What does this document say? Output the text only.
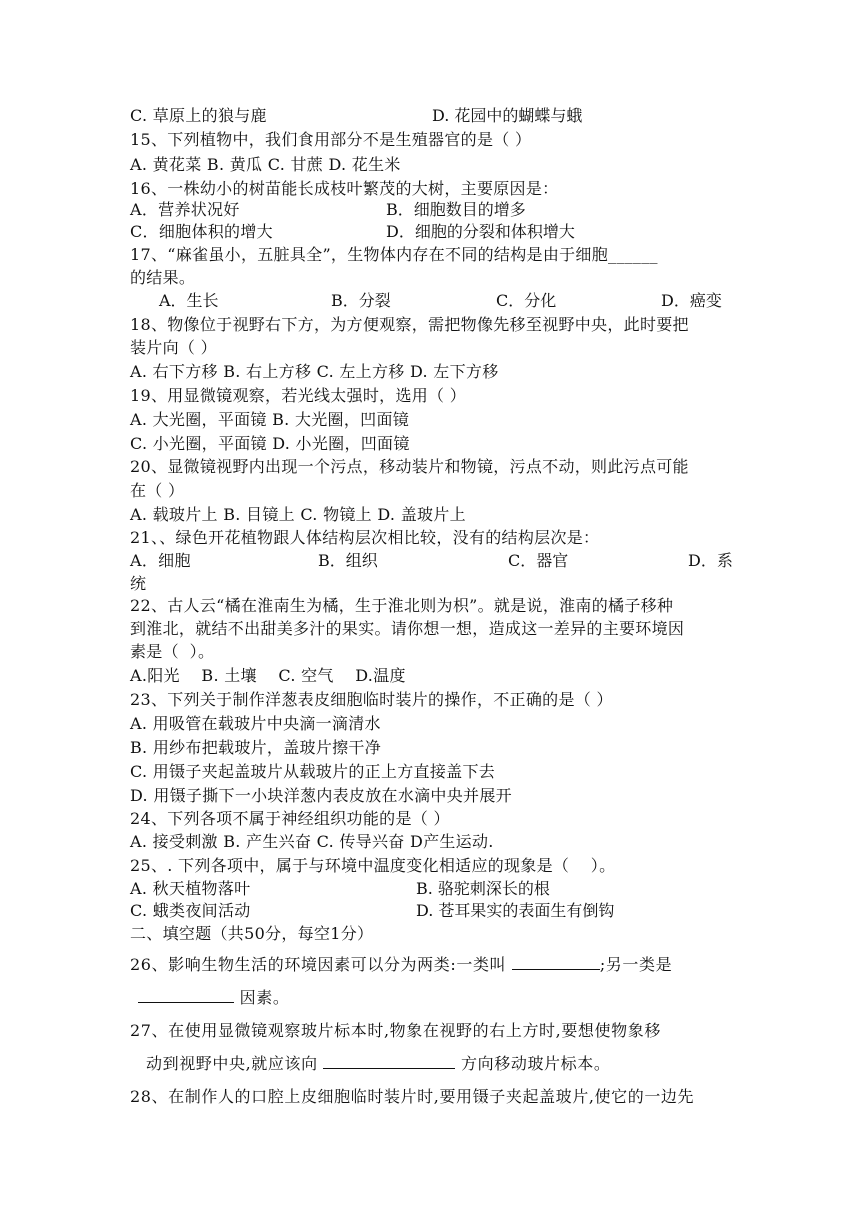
C. 草原上的狼与鹿	D. 花园中的蝴蝶与蛾
15、下列植物中，我们食用部分不是生殖器官的是（ ）
A. 黄花菜 B. 黄瓜 C. 甘蔗 D. 花生米
16、一株幼小的树苗能长成枝叶繁茂的大树，主要原因是：
A．营养状况好	B．细胞数目的增多
C．细胞体积的增大	D．细胞的分裂和体积增大
17、“麻雀虽小，五脏具全”，生物体内存在不同的结构是由于细胞______
的结果。
A．生长	B．分裂	C．分化	D．癌变
18、物像位于视野右下方，为方便观察，需把物像先移至视野中央，此时要把
装片向（ ）
A. 右下方移 B. 右上方移 C. 左上方移 D. 左下方移
19、用显微镜观察，若光线太强时，选用（ ）
A. 大光圈，平面镜 B. 大光圈，凹面镜
C. 小光圈，平面镜 D. 小光圈，凹面镜
20、显微镜视野内出现一个污点，移动装片和物镜，污点不动，则此污点可能
在（ ）
A. 载玻片上 B. 目镜上 C. 物镜上 D. 盖玻片上
21、、绿色开花植物跟人体结构层次相比较，没有的结构层次是：
A．细胞	B．组织	C．器官	D．系
统
22、古人云“橘在淮南生为橘，生于淮北则为枳”。就是说，淮南的橘子移种
到淮北，就结不出甜美多汁的果实。请你想一想，造成这一差异的主要环境因
素是（  ）。
A.阳光    B. 土壤    C. 空气    D.温度
23、下列关于制作洋葱表皮细胞临时装片的操作，不正确的是（ ）
A. 用吸管在载玻片中央滴一滴清水
B. 用纱布把载玻片，盖玻片擦干净
C. 用镊子夹起盖玻片从载玻片的正上方直接盖下去
D. 用镊子撕下一小块洋葱内表皮放在水滴中央并展开
24、下列各项不属于神经组织功能的是（ ）
A. 接受刺激 B. 产生兴奋 C. 传导兴奋 D产生运动.
25、. 下列各项中，属于与环境中温度变化相适应的现象是（    ）。
A. 秋天植物落叶	B. 骆驼刺深长的根
C. 蛾类夜间活动	D. 苍耳果实的表面生有倒钩
二、填空题（共50分，每空1分）
26、影响生物生活的环境因素可以分为两类:一类叫	;另一类是
因素。
27、在使用显微镜观察玻片标本时,物象在视野的右上方时,要想使物象移
动到视野中央,就应该向	方向移动玻片标本。
28、在制作人的口腔上皮细胞临时装片时,要用镊子夹起盖玻片,使它的一边先
